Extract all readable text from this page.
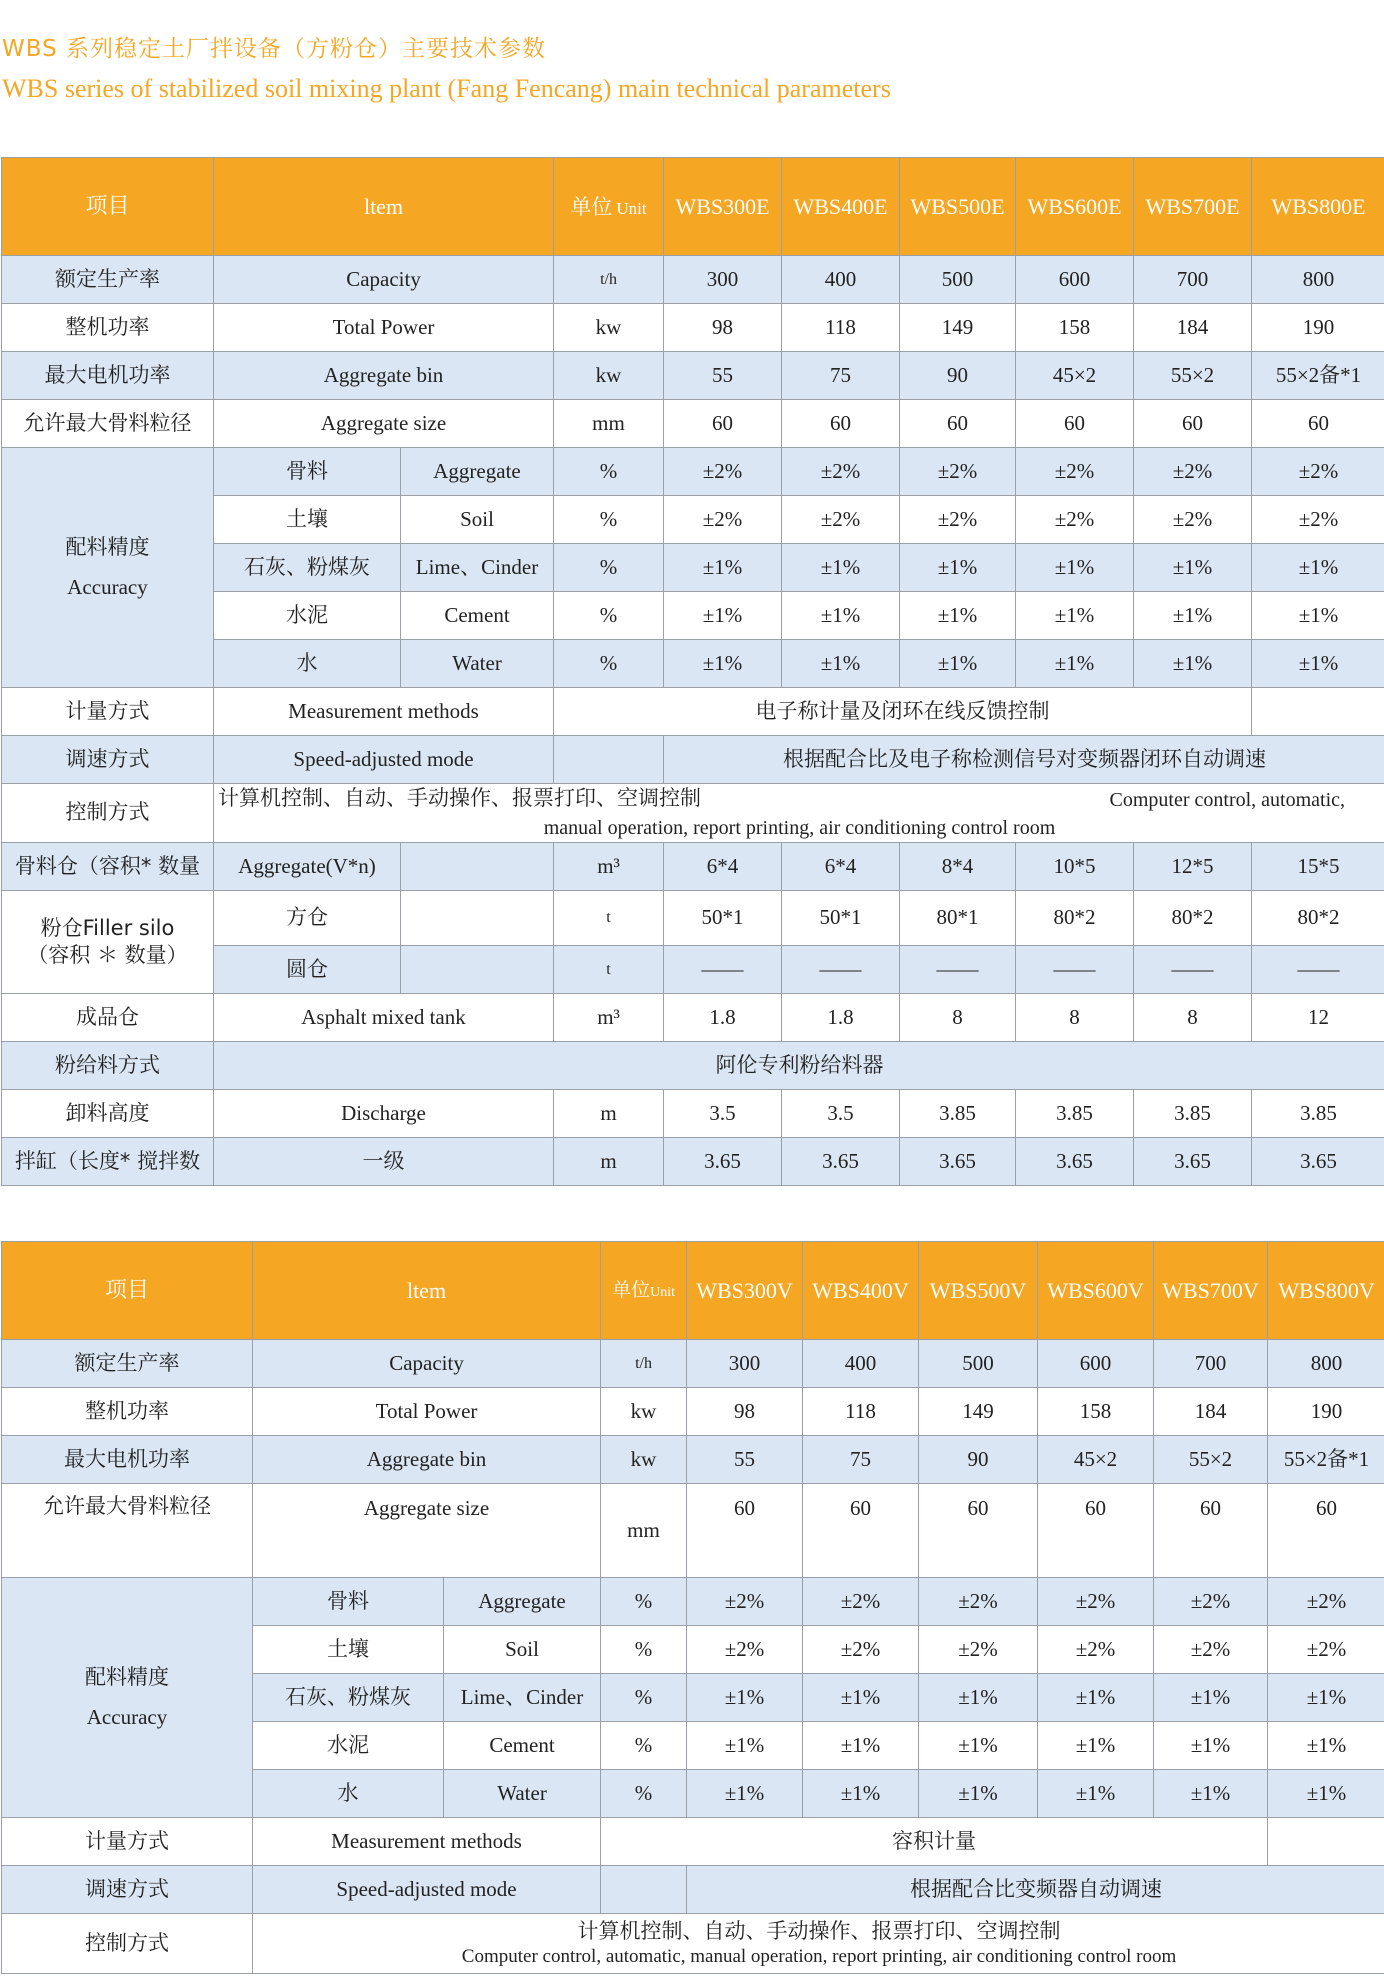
WBS 系列稳定土厂拌设备（方粉仓）主要技术参数
WBS series of stabilized soil mixing plant (Fang Fencang) main technical parameters
项目	ltem		单位 Unit	WBS300E	WBS400E	WBS500E	WBS600E	WBS700E	WBS800E
额定生产率	Capacity		t/h	300	400	500	600	700	800
整机功率	Total Power		kw	98	118	149	158	184	190
最大电机功率	Aggregate bin		kw	55	75	90	45×2	55×2	55×2备*1
允许最大骨料粒径	Aggregate size		mm	60	60	60	60	60	60

配料精度
Accuracy	骨料	Aggregate	%	±2%	±2%	±2%	±2%	±2%	±2%
	土壤	Soil	%	±2%	±2%	±2%	±2%	±2%	±2%
	石灰、粉煤灰	Lime、Cinder	%	±1%	±1%	±1%	±1%	±1%	±1%
	水泥	Cement	%	±1%	±1%	±1%	±1%	±1%	±1%
	水	Water	%	±1%	±1%	±1%	±1%	±1%	±1%
计量方式	Measurement methods		电子称计量及闭环在线反馈控制						
调速方式	Speed-adjusted mode			根据配合比及电子称检测信号对变频器闭环自动调速					
控制方式	计算机控制、自动、手动操作、报票打印、空调控制 Computer control, automatic,
manual operation, report printing, air conditioning control room								

骨料仓（容积* 数量	Aggregate(V*n)		m³	6*4	6*4	8*4	10*5	12*5	15*5

粉仓Filler silo
（容积 ＊ 数量）	方仓		t	50*1	50*1	80*1	80*2	80*2	80*2
	圆仓		t	——	——	——	——	——	——
成品仓	Asphalt mixed tank		m³	1.8	1.8	8	8	8	12
粉给料方式	阿伦专利粉给料器								
卸料高度	Discharge		m	3.5	3.5	3.85	3.85	3.85	3.85
拌缸（长度* 搅拌数	一级		m	3.65	3.65	3.65	3.65	3.65	3.65
项目	ltem		单位Unit	WBS300V	WBS400V	WBS500V	WBS600V	WBS700V	WBS800V
额定生产率	Capacity		t/h	300	400	500	600	700	800
整机功率	Total Power		kw	98	118	149	158	184	190
最大电机功率	Aggregate bin		kw	55	75	90	45×2	55×2	55×2备*1
允许最大骨料粒径	Aggregate size		mm	60	60	60	60	60	60

配料精度
Accuracy	骨料	Aggregate	%	±2%	±2%	±2%	±2%	±2%	±2%
	土壤	Soil	%	±2%	±2%	±2%	±2%	±2%	±2%
	石灰、粉煤灰	Lime、Cinder	%	±1%	±1%	±1%	±1%	±1%	±1%
	水泥	Cement	%	±1%	±1%	±1%	±1%	±1%	±1%
	水	Water	%	±1%	±1%	±1%	±1%	±1%	±1%
计量方式	Measurement methods		容积计量						
调速方式	Speed-adjusted mode			根据配合比变频器自动调速					
控制方式	计算机控制、自动、手动操作、报票打印、空调控制
Computer control, automatic, manual operation, report printing, air conditioning control room								
